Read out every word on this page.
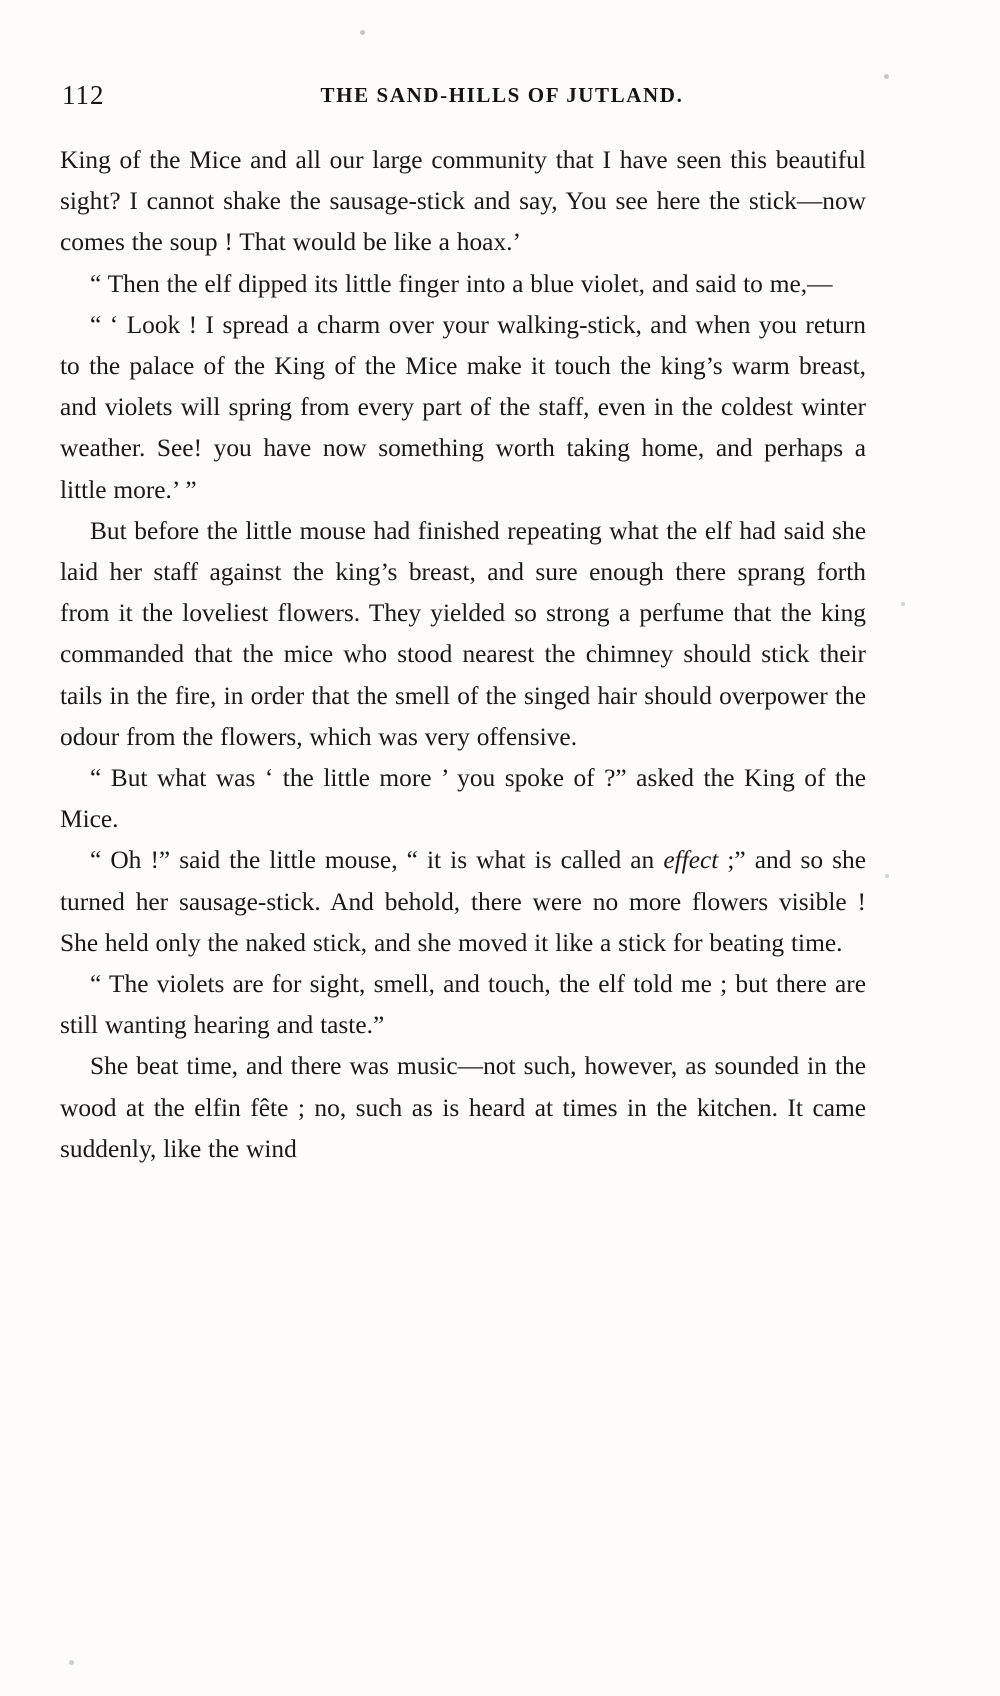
112	THE SAND-HILLS OF JUTLAND.

King of the Mice and all our large community that I have seen this beautiful sight? I cannot shake the sausage-stick and say, You see here the stick—now comes the soup ! That would be like a hoax.’

“ Then the elf dipped its little finger into a blue violet, and said to me,—

“ ‘ Look ! I spread a charm over your walking-stick, and when you return to the palace of the King of the Mice make it touch the king’s warm breast, and violets will spring from every part of the staff, even in the coldest winter weather. See! you have now something worth taking home, and perhaps a little more.’ ”

But before the little mouse had finished repeating what the elf had said she laid her staff against the king’s breast, and sure enough there sprang forth from it the loveliest flowers. They yielded so strong a perfume that the king commanded that the mice who stood nearest the chimney should stick their tails in the fire, in order that the smell of the singed hair should overpower the odour from the flowers, which was very offensive.

“ But what was ‘ the little more ’ you spoke of ?” asked the King of the Mice.

“ Oh !” said the little mouse, “ it is what is called an effect ;” and so she turned her sausage-stick. And behold, there were no more flowers visible ! She held only the naked stick, and she moved it like a stick for beating time.

“ The violets are for sight, smell, and touch, the elf told me ; but there are still wanting hearing and taste.”

She beat time, and there was music—not such, however, as sounded in the wood at the elfin fête ; no, such as is heard at times in the kitchen. It came suddenly, like the wind
